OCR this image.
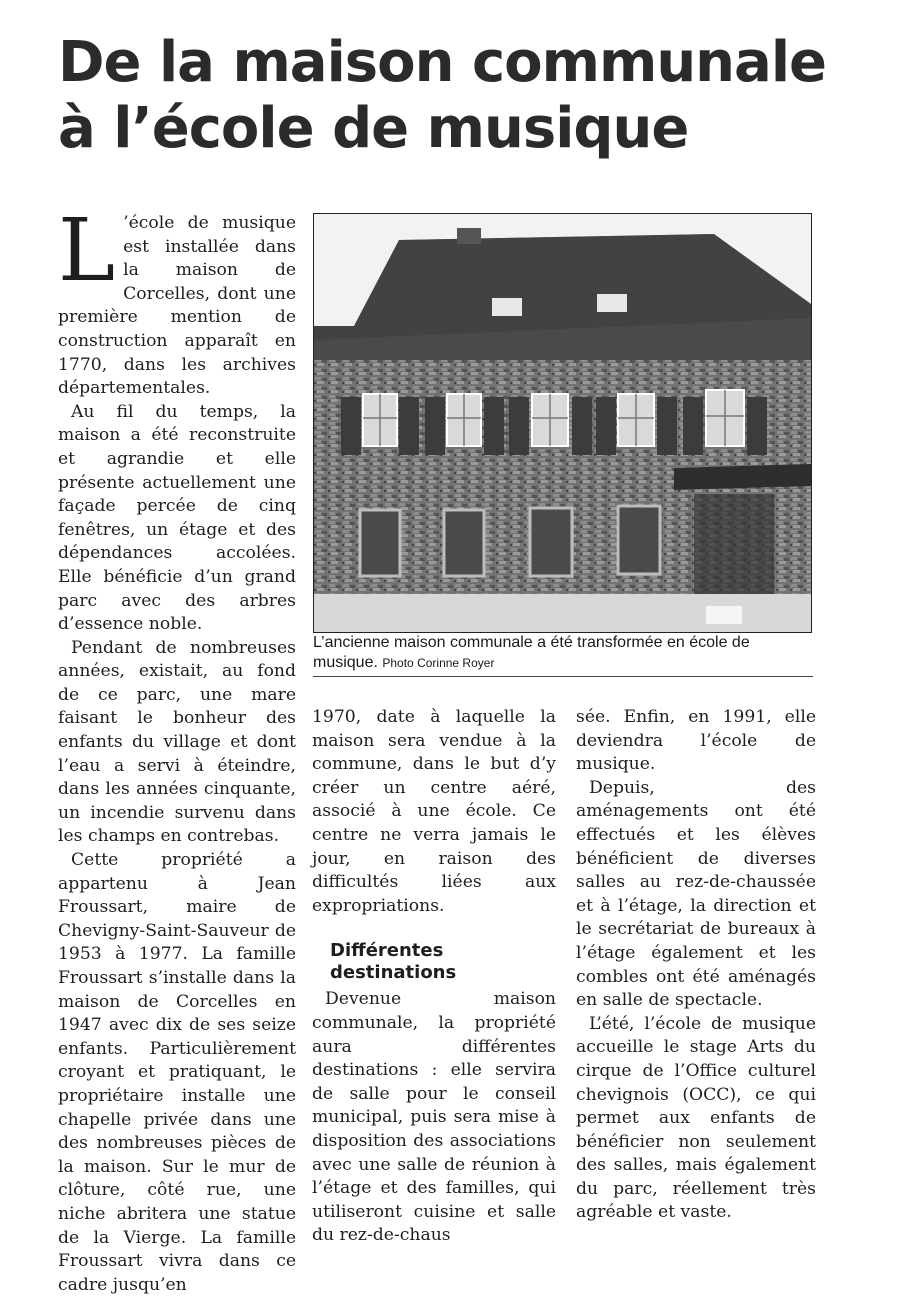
De la maison communale
à l’école de musique

L ’école de musique est installée dans la maison de Corcelles, dont une première mention de construction apparaît en 1770, dans les archives départementales.

Au fil du temps, la maison a été reconstruite et agrandie et elle présente actuellement une façade percée de cinq fenêtres, un étage et des dépendances accolées. Elle bénéficie d’un grand parc avec des arbres d’essence noble.

Pendant de nombreuses années, existait, au fond de ce parc, une mare faisant le bonheur des enfants du village et dont l’eau a servi à éteindre, dans les années cinquante, un incendie survenu dans les champs en contrebas.

Cette propriété a appartenu à Jean Froussart, maire de Chevigny-Saint-Sauveur de 1953 à 1977. La famille Froussart s’installe dans la maison de Corcelles en 1947 avec dix de ses seize enfants. Particulièrement croyant et pratiquant, le propriétaire installe une chapelle privée dans une des nombreuses pièces de la maison. Sur le mur de clôture, côté rue, une niche abritera une statue de la Vierge. La famille Froussart vivra dans ce cadre jusqu’en

L’ancienne maison communale a été transformée en école de musique. Photo Corinne Royer

1970, date à laquelle la maison sera vendue à la commune, dans le but d’y créer un centre aéré, associé à une école. Ce centre ne verra jamais le jour, en raison des difficultés liées aux expropriations.

Différentes
destinations

Devenue maison communale, la propriété aura différentes destinations : elle servira de salle pour le conseil municipal, puis sera mise à disposition des associations avec une salle de réunion à l’étage et des familles, qui utiliseront cuisine et salle du rez-de-chaus

sée. Enfin, en 1991, elle deviendra l’école de musique.

Depuis, des aménagements ont été effectués et les élèves bénéficient de diverses salles au rez-de-chaussée et à l’étage, la direction et le secrétariat de bureaux à l’étage également et les combles ont été aménagés en salle de spectacle.

L’été, l’école de musique accueille le stage Arts du cirque de l’Office culturel chevignois (OCC), ce qui permet aux enfants de bénéficier non seulement des salles, mais également du parc, réellement très agréable et vaste.
